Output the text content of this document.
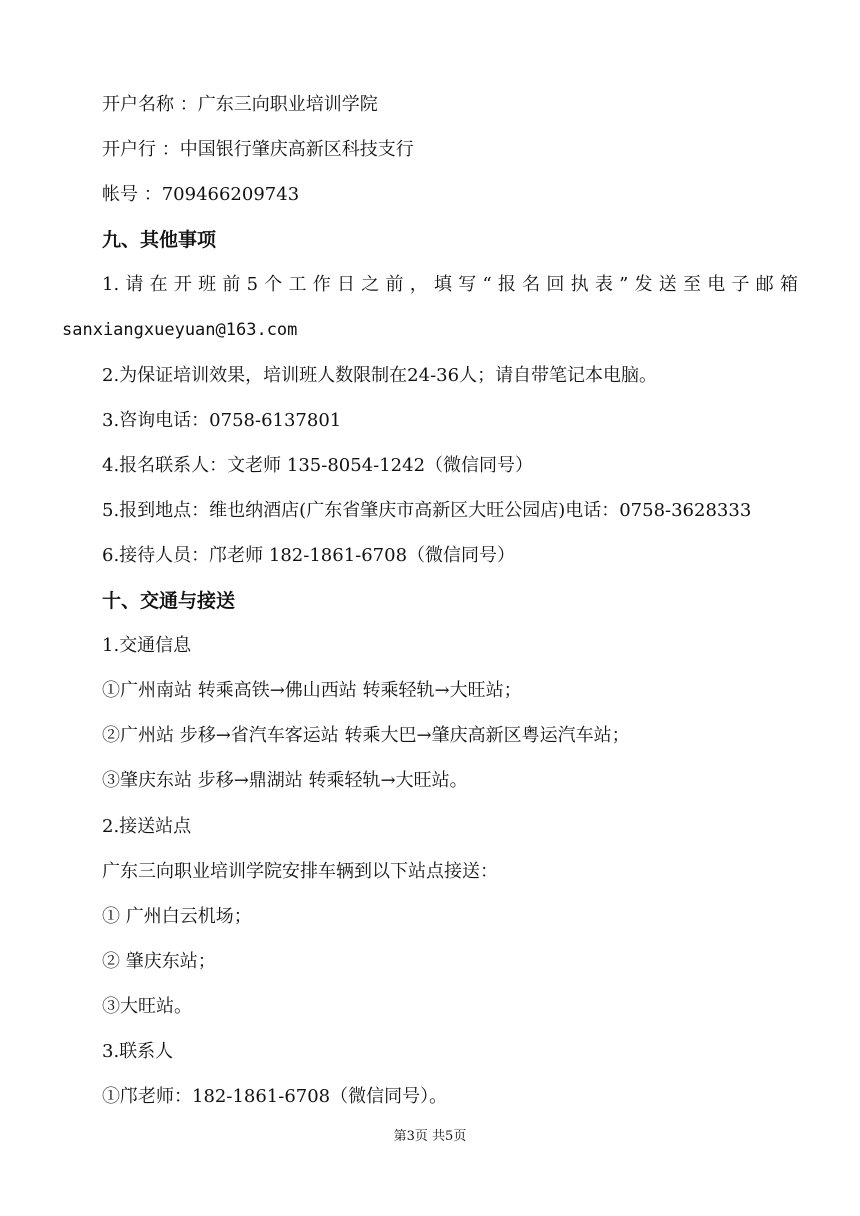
开户名称 ：广东三向职业培训学院
开户行 ：中国银行肇庆高新区科技支行
帐号 ：709466209743
九、其他事项
1.请在开班前5个工作日之前，填写“报名回执表”发送至电子邮箱
sanxiangxueyuan@163.com
2.为保证培训效果，培训班人数限制在24-36人；请自带笔记本电脑。
3.咨询电话：0758-6137801
4.报名联系人：文老师 135-8054-1242（微信同号）
5.报到地点：维也纳酒店(广东省肇庆市高新区大旺公园店)电话：0758-3628333
6.接待人员：邝老师 182-1861-6708（微信同号）
十、交通与接送
1.交通信息
①广州南站 转乘高铁→佛山西站 转乘轻轨→大旺站；
②广州站 步移→省汽车客运站 转乘大巴→肇庆高新区粤运汽车站；
③肇庆东站 步移→鼎湖站 转乘轻轨→大旺站。
2.接送站点
广东三向职业培训学院安排车辆到以下站点接送：
① 广州白云机场；
② 肇庆东站；
③大旺站。
3.联系人
①邝老师：182-1861-6708（微信同号）。
第3页 共5页
